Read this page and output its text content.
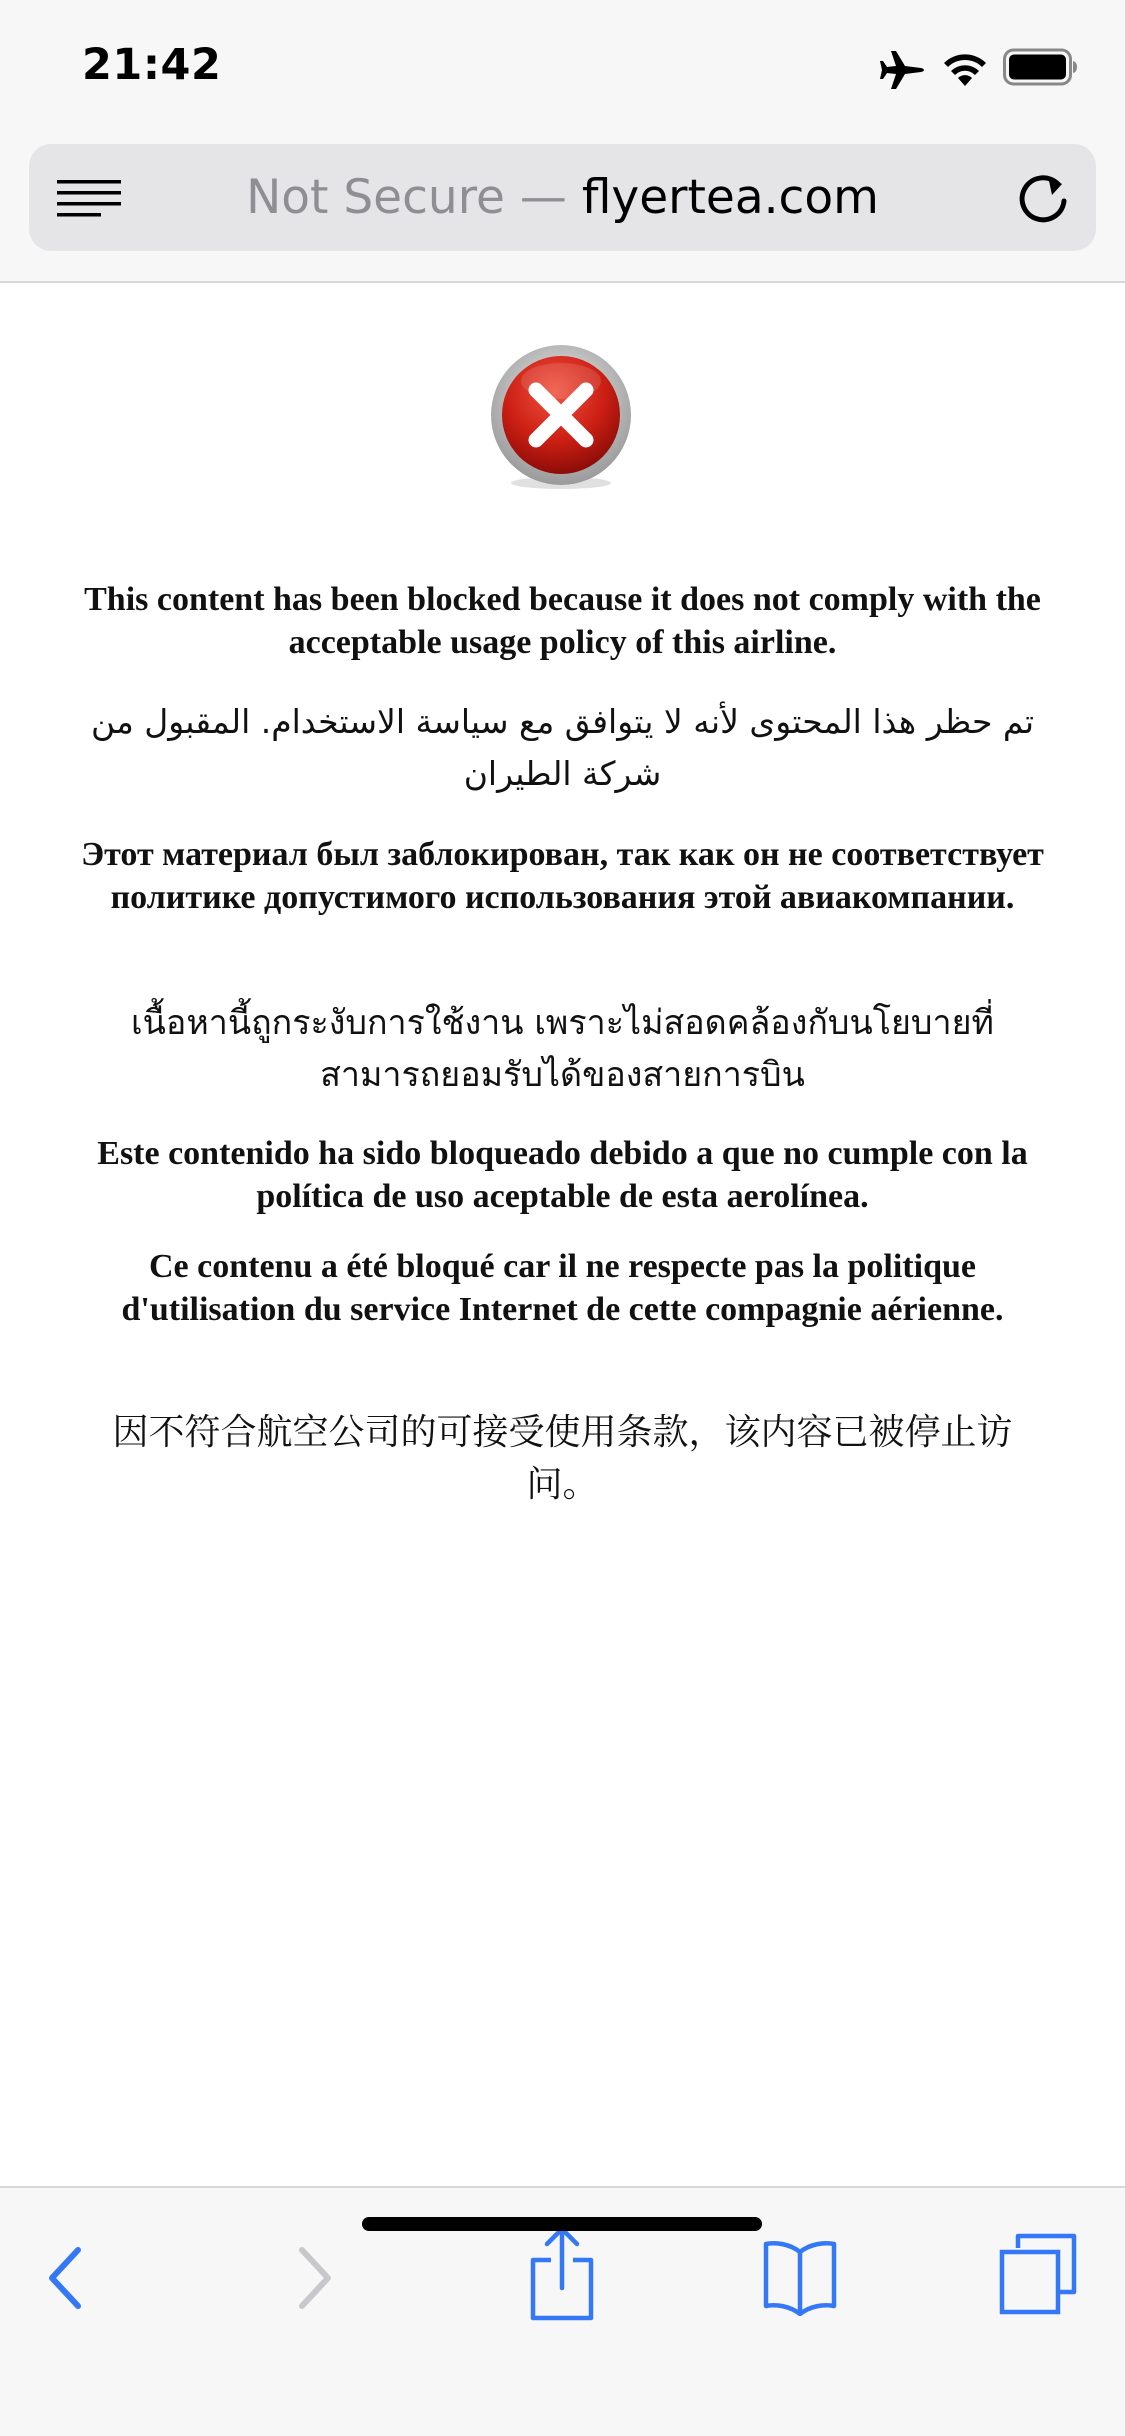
21:42
Not Secure — flyertea.com
This content has been blocked because it does not comply with the acceptable usage policy of this airline.
تم حظر هذا المحتوى لأنه لا يتوافق مع سياسة الاستخدام. المقبول من شركة الطيران
Этот материал был заблокирован, так как он не соответствует политике допустимого использования этой авиакомпании.
เนื้อหานี้ถูกระงับการใช้งาน เพราะไม่สอดคล้องกับนโยบายที่สามารถยอมรับได้ของสายการบิน
Este contenido ha sido bloqueado debido a que no cumple con la política de uso aceptable de esta aerolínea.
Ce contenu a été bloqué car il ne respecte pas la politique d'utilisation du service Internet de cette compagnie aérienne.
因不符合航空公司的可接受使用条款，该内容已被停止访问。
